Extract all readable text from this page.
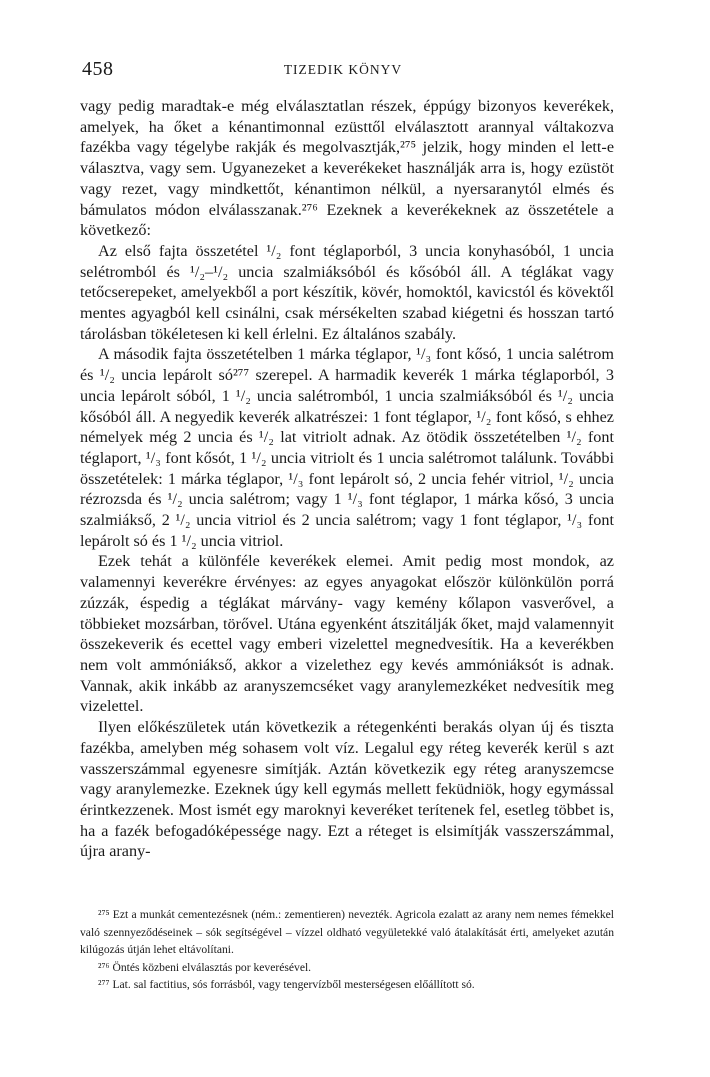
458	TIZEDIK KÖNYV

vagy pedig maradtak-e még elválasztatlan részek, éppúgy bizonyos keverékek, amelyek, ha őket a kénantimonnal ezüsttől elválasztott arannyal váltakozva fazékba vagy tégelybe rakják és megolvasztják,²⁷⁵ jelzik, hogy minden el lett-e választva, vagy sem. Ugyanezeket a keverékeket használják arra is, hogy ezüstöt vagy rezet, vagy mindkettőt, kénantimon nélkül, a nyersaranytól elmés és bámulatos módon elválasszanak.²⁷⁶ Ezeknek a keverékeknek az összetétele a következő:

Az első fajta összetétel ¹/₂ font téglaporból, 3 uncia konyhasóból, 1 uncia selétromból és ¹/₂–¹/₂ uncia szalmiáksóból és kősóból áll. A téglákat vagy tetőcserepeket, amelyekből a port készítik, kövér, homoktól, kavicstól és kövektől mentes agyagból kell csinálni, csak mérsékelten szabad kiégetni és hosszan tartó tárolásban tökéletesen ki kell érlelni. Ez általános szabály.

A második fajta összetételben 1 márka téglapor, ¹/₃ font kősó, 1 uncia salétrom és ¹/₂ uncia lepárolt só²⁷⁷ szerepel. A harmadik keverék 1 márka téglaporból, 3 uncia lepárolt sóból, 1 ¹/₂ uncia salétromból, 1 uncia szalmiáksóból és ¹/₂ uncia kősóból áll. A negyedik keverék alkatrészei: 1 font téglapor, ¹/₂ font kősó, s ehhez némelyek még 2 uncia és ¹/₂ lat vitriolt adnak. Az ötödik összetételben ¹/₂ font téglaport, ¹/₃ font kősót, 1 ¹/₂ uncia vitriolt és 1 uncia salétromot találunk. További összetételek: 1 márka téglapor, ¹/₃ font lepárolt só, 2 uncia fehér vitriol, ¹/₂ uncia rézrozsda és ¹/₂ uncia salétrom; vagy 1 ¹/₃ font téglapor, 1 márka kősó, 3 uncia szalmiákső, 2 ¹/₂ uncia vitriol és 2 uncia salétrom; vagy 1 font téglapor, ¹/₃ font lepárolt só és 1 ¹/₂ uncia vitriol.

Ezek tehát a különféle keverékek elemei. Amit pedig most mondok, az valamennyi keverékre érvényes: az egyes anyagokat először különkülön porrá zúzzák, éspedig a téglákat márvány- vagy kemény kőlapon vasverővel, a többieket mozsárban, törővel. Utána egyenként átszitálják őket, majd valamennyit összekeverik és ecettel vagy emberi vizelettel megnedvesítik. Ha a keverékben nem volt ammóniákső, akkor a vizelethez egy kevés ammóniáksót is adnak. Vannak, akik inkább az aranyszemcséket vagy aranylemezkéket nedvesítik meg vizelettel.

Ilyen előkészületek után következik a rétegenkénti berakás olyan új és tiszta fazékba, amelyben még sohasem volt víz. Legalul egy réteg keverék kerül s azt vasszerszámmal egyenesre simítják. Aztán következik egy réteg aranyszemcse vagy aranylemezke. Ezeknek úgy kell egymás mellett feküdniök, hogy egymással érintkezzenek. Most ismét egy maroknyi keveréket terítenek fel, esetleg többet is, ha a fazék befogadóképessége nagy. Ezt a réteget is elsimítják vasszerszámmal, újra arany-

²⁷⁵ Ezt a munkát cementezésnek (ném.: zementieren) nevezték. Agricola ezalatt az arany nem nemes fémekkel való szennyeződéseinek – sók segítségével – vízzel oldható vegyületekké való átalakítását érti, amelyeket azután kilúgozás útján lehet eltávolítani.

²⁷⁶ Öntés közbeni elválasztás por keverésével.

²⁷⁷ Lat. sal factitius, sós forrásból, vagy tengervízből mesterségesen előállított só.
